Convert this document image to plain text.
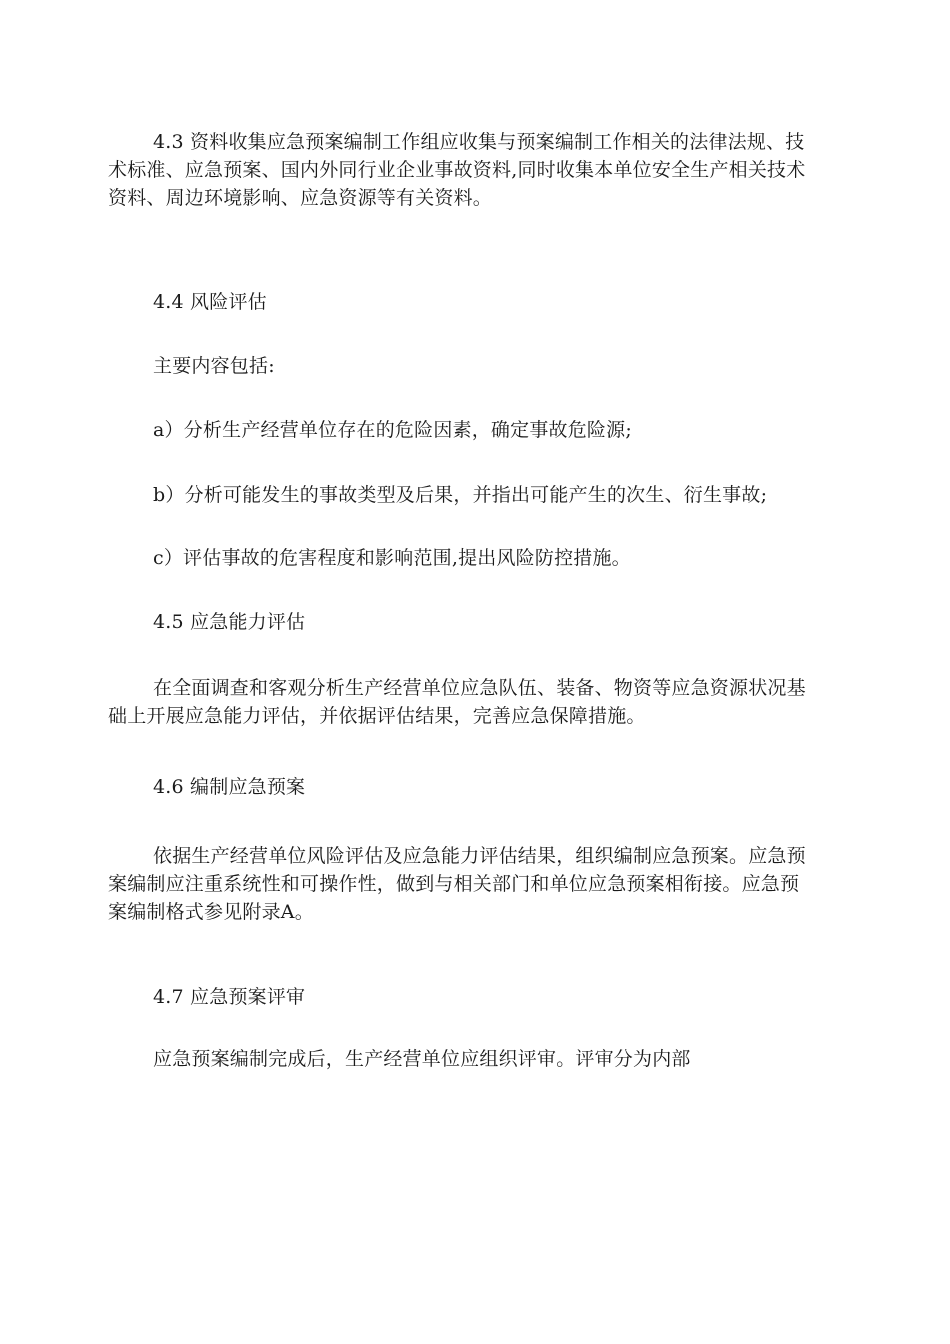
4.3 资料收集应急预案编制工作组应收集与预案编制工作相关的法律法规、技
术标准、应急预案、国内外同行业企业事故资料,同时收集本单位安全生产相关技术
资料、周边环境影响、应急资源等有关资料。

4.4 风险评估

主要内容包括:

a）分析生产经营单位存在的危险因素，确定事故危险源;

b）分析可能发生的事故类型及后果，并指出可能产生的次生、衍生事故;

c）评估事故的危害程度和影响范围,提出风险防控措施。

4.5 应急能力评估

在全面调查和客观分析生产经营单位应急队伍、装备、物资等应急资源状况基
础上开展应急能力评估，并依据评估结果，完善应急保障措施。

4.6 编制应急预案

依据生产经营单位风险评估及应急能力评估结果，组织编制应急预案。应急预
案编制应注重系统性和可操作性，做到与相关部门和单位应急预案相衔接。应急预
案编制格式参见附录A。

4.7 应急预案评审

应急预案编制完成后，生产经营单位应组织评审。评审分为内部
